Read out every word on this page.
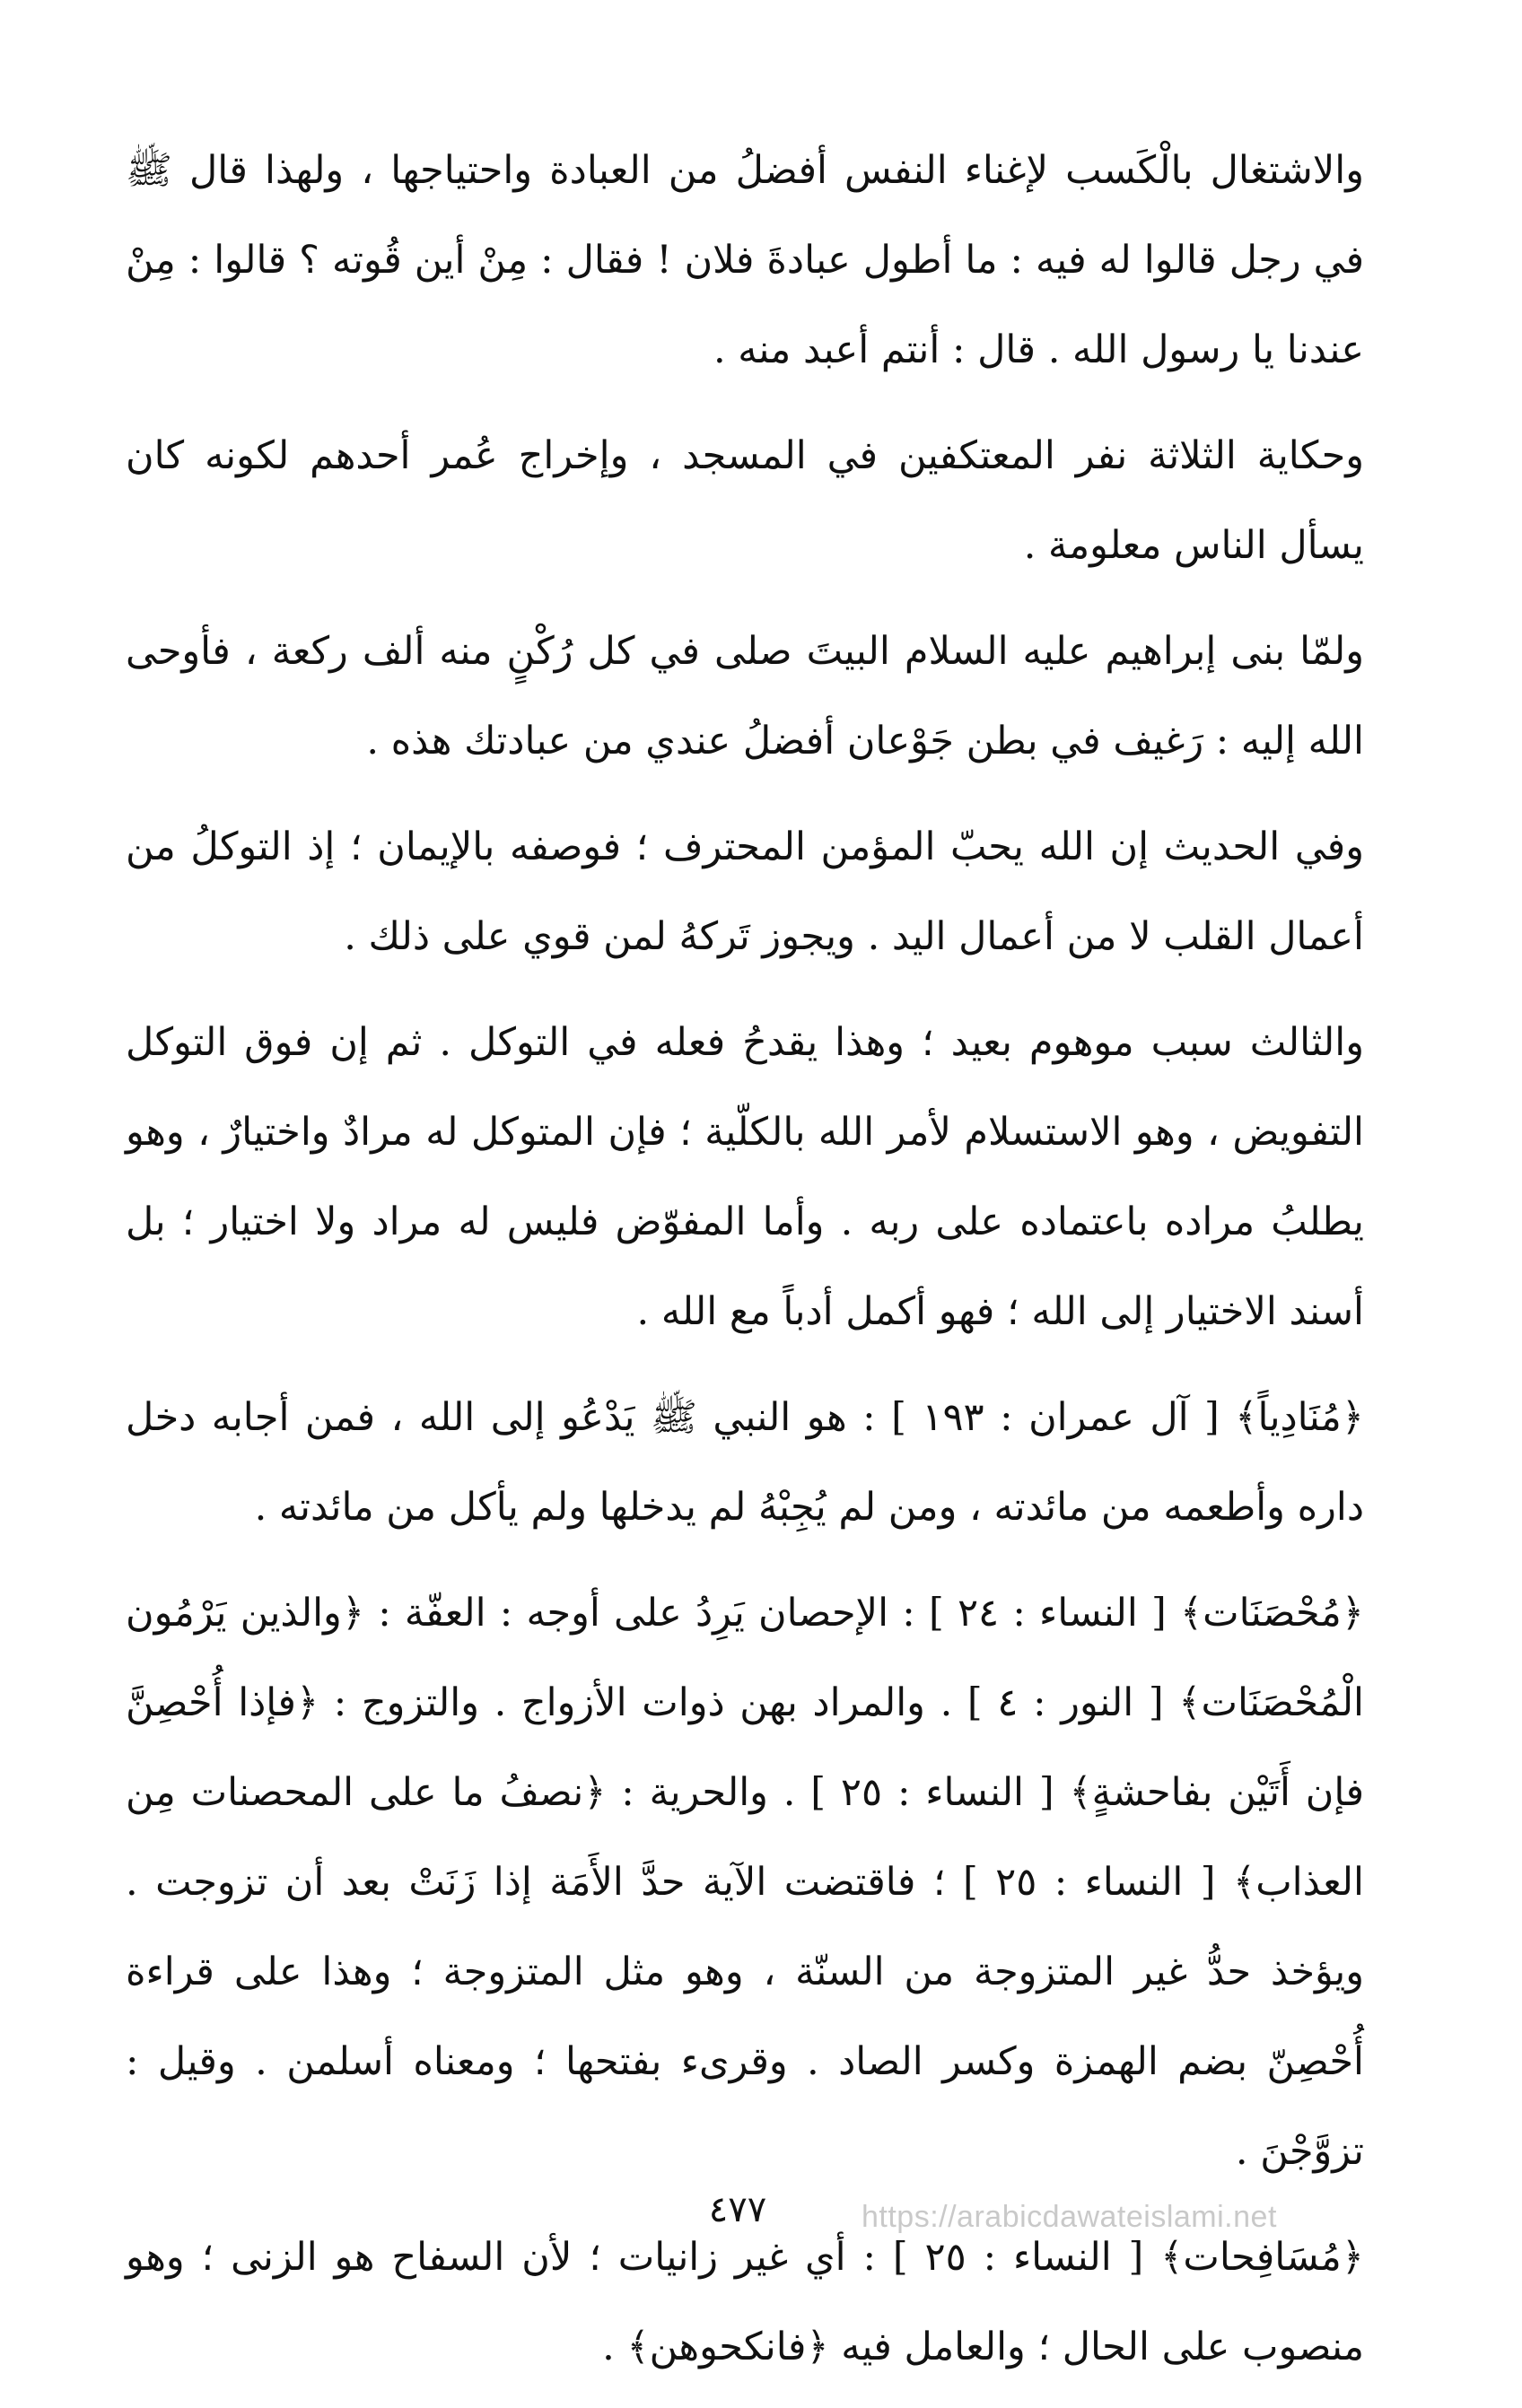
والاشتغال بالْكَسب لإغناء النفس أفضلُ من العبادة واحتياجها ، ولهذا قال ﷺ في رجل قالوا له فيه : ما أطول عبادةَ فلان ! فقال : مِنْ أين قُوته ؟ قالوا : مِنْ عندنا يا رسول الله . قال : أنتم أعبد منه .

وحكاية الثلاثة نفر المعتكفين في المسجد ، وإخراج عُمر أحدهم لكونه كان يسأل الناس معلومة .

ولمّا بنى إبراهيم عليه السلام البيتَ صلى في كل رُكْنٍ منه ألف ركعة ، فأوحى الله إليه : رَغيف في بطن جَوْعان أفضلُ عندي من عبادتك هذه .

وفي الحديث إن الله يحبّ المؤمن المحترف ؛ فوصفه بالإيمان ؛ إذ التوكلُ من أعمال القلب لا من أعمال اليد . ويجوز تَركهُ لمن قوي على ذلك .

والثالث سبب موهوم بعيد ؛ وهذا يقدحُ فعله في التوكل . ثم إن فوق التوكل التفويض ، وهو الاستسلام لأمر الله بالكلّية ؛ فإن المتوكل له مرادٌ واختيارٌ ، وهو يطلبُ مراده باعتماده على ربه . وأما المفوّض فليس له مراد ولا اختيار ؛ بل أسند الاختيار إلى الله ؛ فهو أكمل أدباً مع الله .

﴿مُنَادِياً﴾ [ آل عمران : ١٩٣ ] : هو النبي ﷺ يَدْعُو إلى الله ، فمن أجابه دخل داره وأطعمه من مائدته ، ومن لم يُجِبْهُ لم يدخلها ولم يأكل من مائدته .

﴿مُحْصَنَات﴾ [ النساء : ٢٤ ] : الإحصان يَرِدُ على أوجه : العفّة : ﴿والذين يَرْمُون الْمُحْصَنَات﴾ [ النور : ٤ ] . والمراد بهن ذوات الأزواج . والتزوج : ﴿فإذا أُحْصِنَّ فإن أَتَيْن بفاحشةٍ﴾ [ النساء : ٢٥ ] . والحرية : ﴿نصفُ ما على المحصنات مِن العذاب﴾ [ النساء : ٢٥ ] ؛ فاقتضت الآية حدَّ الأَمَة إذا زَنَتْ بعد أن تزوجت . ويؤخذ حدُّ غير المتزوجة من السنّة ، وهو مثل المتزوجة ؛ وهذا على قراءة أُحْصِنّ بضم الهمزة وكسر الصاد . وقرىء بفتحها ؛ ومعناه أسلمن . وقيل : تزوَّجْنَ .

﴿مُسَافِحات﴾ [ النساء : ٢٥ ] : أي غير زانيات ؛ لأن السفاح هو الزنى ؛ وهو منصوب على الحال ؛ والعامل فيه ﴿فانكحوهن﴾ .

٤٧٧	https://arabicdawateislami.net
